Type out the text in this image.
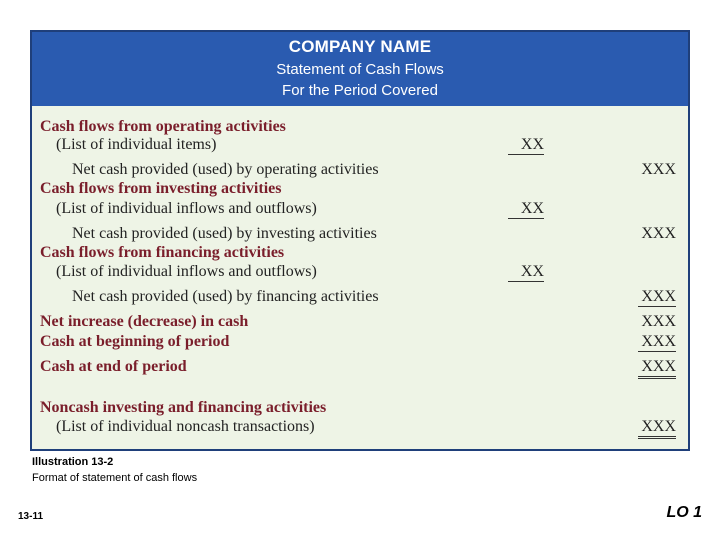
COMPANY NAME
Statement of Cash Flows
For the Period Covered
Cash flows from operating activities
(List of individual items)	XX
Net cash provided (used) by operating activities	XXX
Cash flows from investing activities
(List of individual inflows and outflows)	XX
Net cash provided (used) by investing activities	XXX
Cash flows from financing activities
(List of individual inflows and outflows)	XX
Net cash provided (used) by financing activities	XXX
Net increase (decrease) in cash	XXX
Cash at beginning of period	XXX
Cash at end of period	XXX
Noncash investing and financing activities
(List of individual noncash transactions)	XXX
Illustration 13-2
Format of statement of cash flows
13-11	LO 1
